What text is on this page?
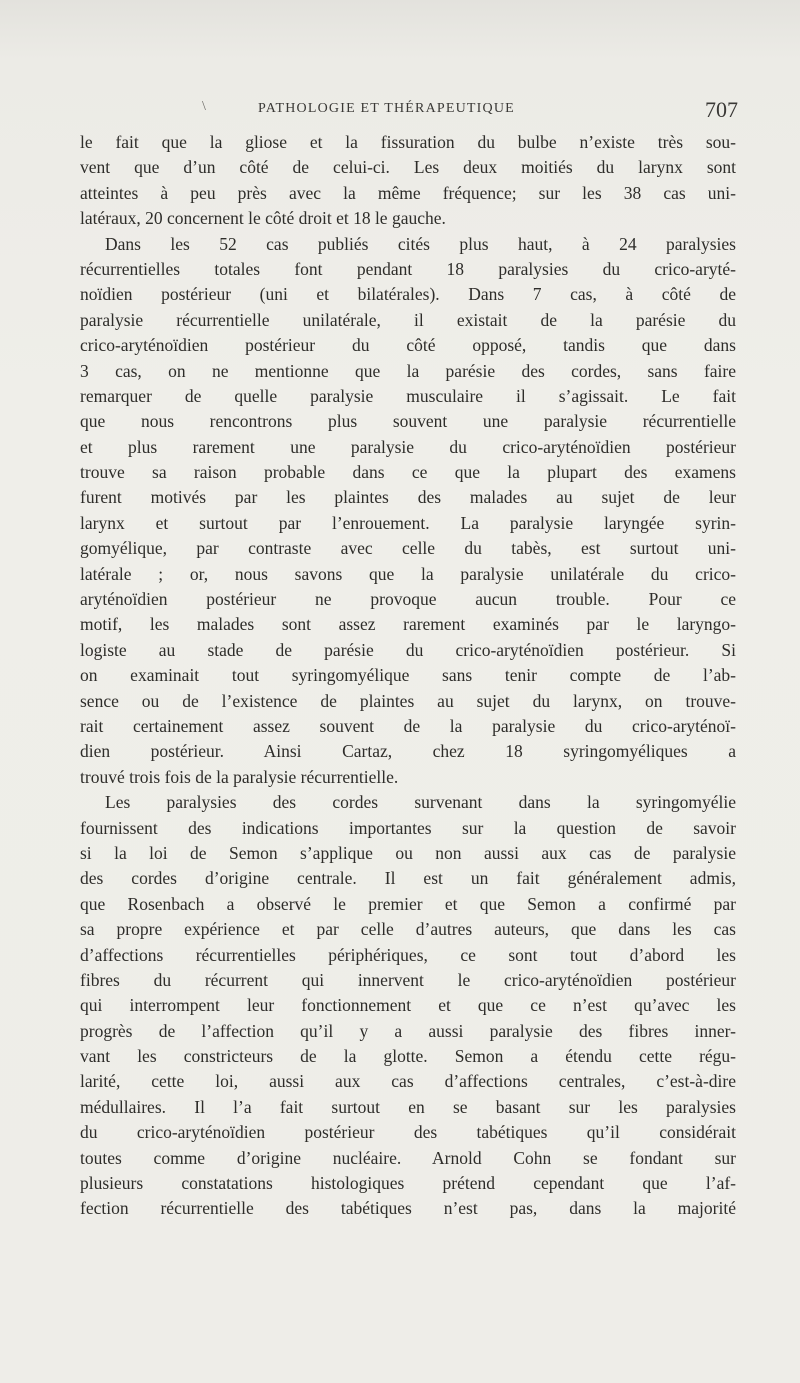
\	PATHOLOGIE ET THÉRAPEUTIQUE	707
le fait que la gliose et la fissuration du bulbe n’existe très sou-
vent que d’un côté de celui-ci. Les deux moitiés du larynx sont
atteintes à peu près avec la même fréquence; sur les 38 cas uni-
latéraux, 20 concernent le côté droit et 18 le gauche.
Dans les 52 cas publiés cités plus haut, à 24 paralysies
récurrentielles totales font pendant 18 paralysies du crico-aryté-
noïdien postérieur (uni et bilatérales). Dans 7 cas, à côté de
paralysie récurrentielle unilatérale, il existait de la parésie du
crico-aryténoïdien postérieur du côté opposé, tandis que dans
3 cas, on ne mentionne que la parésie des cordes, sans faire
remarquer de quelle paralysie musculaire il s’agissait. Le fait
que nous rencontrons plus souvent une paralysie récurrentielle
et plus rarement une paralysie du crico-aryténoïdien postérieur
trouve sa raison probable dans ce que la plupart des examens
furent motivés par les plaintes des malades au sujet de leur
larynx et surtout par l’enrouement. La paralysie laryngée syrin-
gomyélique, par contraste avec celle du tabès, est surtout uni-
latérale ; or, nous savons que la paralysie unilatérale du crico-
aryténoïdien postérieur ne provoque aucun trouble. Pour ce
motif, les malades sont assez rarement examinés par le laryngo-
logiste au stade de parésie du crico-aryténoïdien postérieur. Si
on examinait tout syringomyélique sans tenir compte de l’ab-
sence ou de l’existence de plaintes au sujet du larynx, on trouve-
rait certainement assez souvent de la paralysie du crico-aryténoï-
dien postérieur. Ainsi Cartaz, chez 18 syringomyéliques a
trouvé trois fois de la paralysie récurrentielle.
Les paralysies des cordes survenant dans la syringomyélie
fournissent des indications importantes sur la question de savoir
si la loi de Semon s’applique ou non aussi aux cas de paralysie
des cordes d’origine centrale. Il est un fait généralement admis,
que Rosenbach a observé le premier et que Semon a confirmé par
sa propre expérience et par celle d’autres auteurs, que dans les cas
d’affections récurrentielles périphériques, ce sont tout d’abord les
fibres du récurrent qui innervent le crico-aryténoïdien postérieur
qui interrompent leur fonctionnement et que ce n’est qu’avec les
progrès de l’affection qu’il y a aussi paralysie des fibres inner-
vant les constricteurs de la glotte. Semon a étendu cette régu-
larité, cette loi, aussi aux cas d’affections centrales, c’est-à-dire
médullaires. Il l’a fait surtout en se basant sur les paralysies
du crico-aryténoïdien postérieur des tabétiques qu’il considérait
toutes comme d’origine nucléaire. Arnold Cohn se fondant sur
plusieurs constatations histologiques prétend cependant que l’af-
fection récurrentielle des tabétiques n’est pas, dans la majorité
